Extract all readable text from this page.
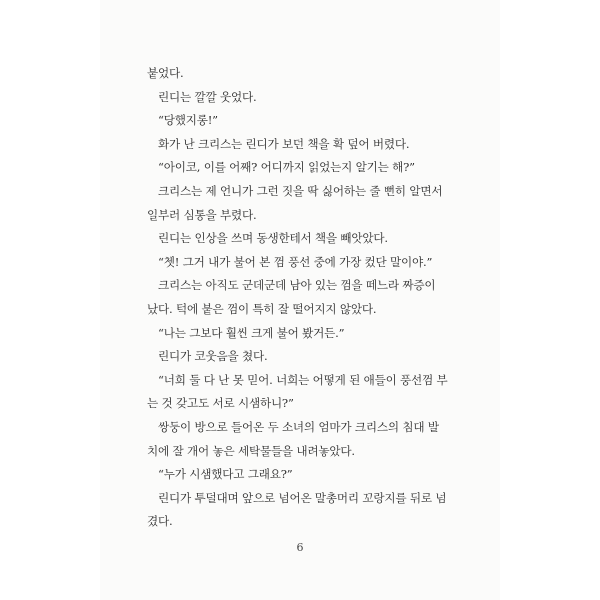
붙었다.
린디는 깔깔 웃었다.
“당했지롱!”
화가 난 크리스는 린디가 보던 책을 확 덮어 버렸다.
“아이코, 이를 어째? 어디까지 읽었는지 알기는 해?”
크리스는 제 언니가 그런 짓을 딱 싫어하는 줄 뻔히 알면서
일부러 심통을 부렸다.
린디는 인상을 쓰며 동생한테서 책을 빼앗았다.
“쳇! 그거 내가 불어 본 껌 풍선 중에 가장 컸단 말이야.”
크리스는 아직도 군데군데 남아 있는 껌을 떼느라 짜증이
났다. 턱에 붙은 껌이 특히 잘 떨어지지 않았다.
“나는 그보다 훨씬 크게 불어 봤거든.”
린디가 코웃음을 쳤다.
“너희 둘 다 난 못 믿어. 너희는 어떻게 된 애들이 풍선껌 부
는 것 갖고도 서로 시샘하니?”
쌍둥이 방으로 들어온 두 소녀의 엄마가 크리스의 침대 발
치에 잘 개어 놓은 세탁물들을 내려놓았다.
“누가 시샘했다고 그래요?”
린디가 투덜대며 앞으로 넘어온 말총머리 꼬랑지를 뒤로 넘
겼다.
6
